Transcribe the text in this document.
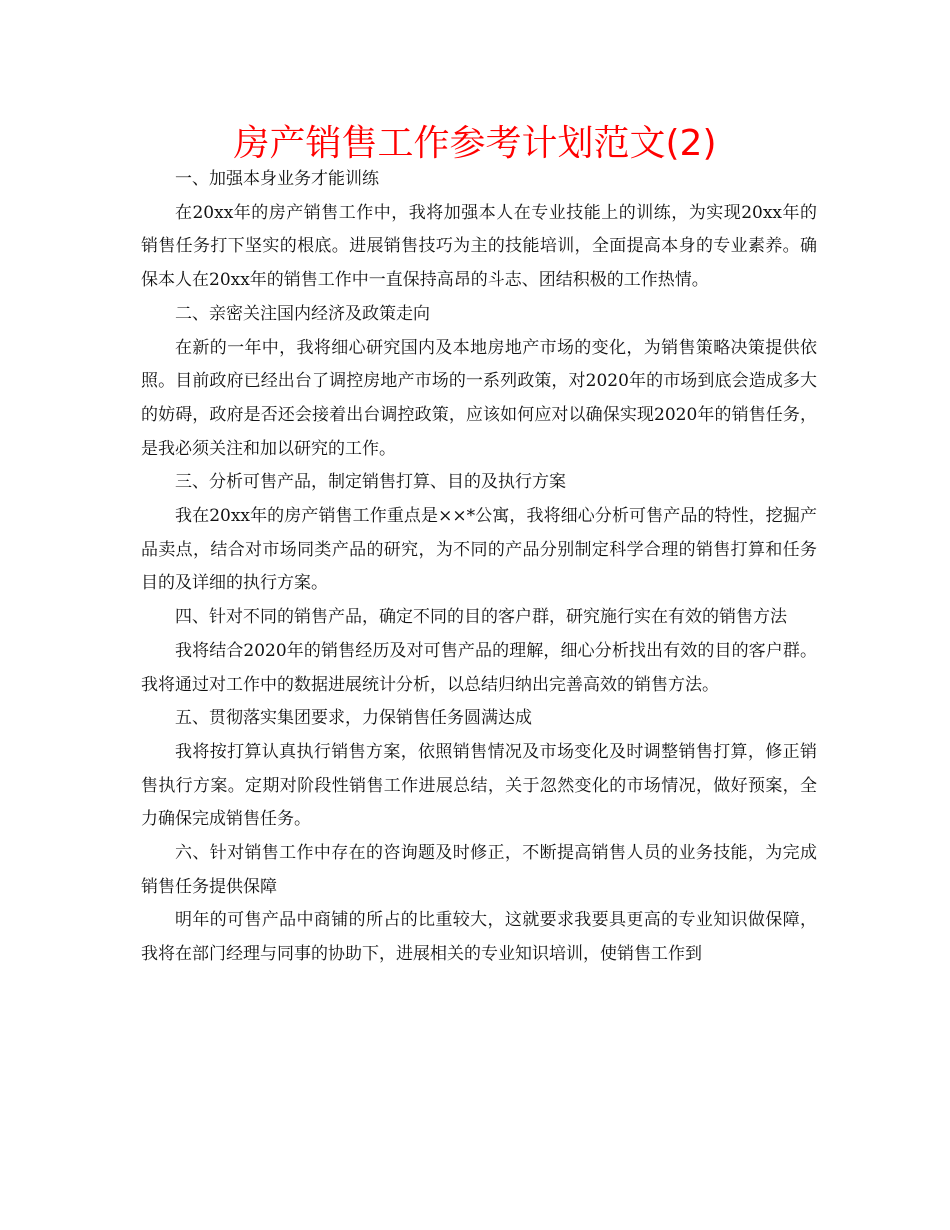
房产销售工作参考计划范文(2)

一、加强本身业务才能训练

在20xx年的房产销售工作中，我将加强本人在专业技能上的训练，为实现20xx年的销售任务打下坚实的根底。进展销售技巧为主的技能培训，全面提高本身的专业素养。确保本人在20xx年的销售工作中一直保持高昂的斗志、团结积极的工作热情。

二、亲密关注国内经济及政策走向

在新的一年中，我将细心研究国内及本地房地产市场的变化，为销售策略决策提供依照。目前政府已经出台了调控房地产市场的一系列政策，对2020年的市场到底会造成多大的妨碍，政府是否还会接着出台调控政策，应该如何应对以确保实现2020年的销售任务，是我必须关注和加以研究的工作。

三、分析可售产品，制定销售打算、目的及执行方案

我在20xx年的房产销售工作重点是××*公寓，我将细心分析可售产品的特性，挖掘产品卖点，结合对市场同类产品的研究，为不同的产品分别制定科学合理的销售打算和任务目的及详细的执行方案。

四、针对不同的销售产品，确定不同的目的客户群，研究施行实在有效的销售方法

我将结合2020年的销售经历及对可售产品的理解，细心分析找出有效的目的客户群。我将通过对工作中的数据进展统计分析，以总结归纳出完善高效的销售方法。

五、贯彻落实集团要求，力保销售任务圆满达成

我将按打算认真执行销售方案，依照销售情况及市场变化及时调整销售打算，修正销售执行方案。定期对阶段性销售工作进展总结，关于忽然变化的市场情况，做好预案，全力确保完成销售任务。

六、针对销售工作中存在的咨询题及时修正，不断提高销售人员的业务技能，为完成销售任务提供保障

明年的可售产品中商铺的所占的比重较大，这就要求我要具更高的专业知识做保障，我将在部门经理与同事的协助下，进展相关的专业知识培训，使销售工作到
